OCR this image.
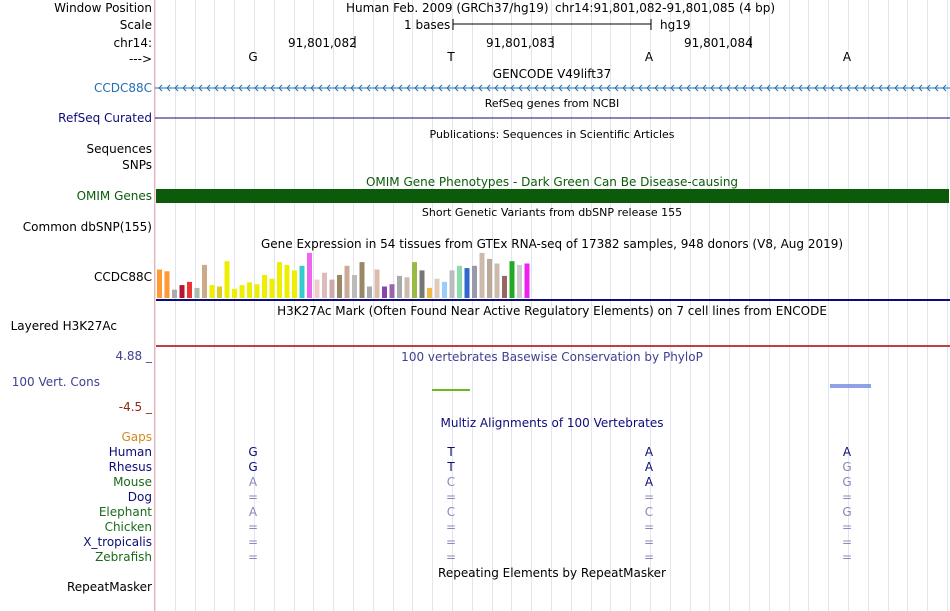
Window Position	Human Feb. 2009 (GRCh37/hg19) chr14:91,801,082-91,801,085 (4 bp)
Scale	1 bases	hg19
chr14:	91,801,082	91,801,083	91,801,084
--->	G	T	A	A
GENCODE V49lift37
CCDC88C
RefSeq genes from NCBI
RefSeq Curated
Publications: Sequences in Scientific Articles
Sequences
SNPs
OMIM Gene Phenotypes - Dark Green Can Be Disease-causing
OMIM Genes
Short Genetic Variants from dbSNP release 155
Common dbSNP(155)
Gene Expression in 54 tissues from GTEx RNA-seq of 17382 samples, 948 donors (V8, Aug 2019)
CCDC88C
H3K27Ac Mark (Often Found Near Active Regulatory Elements) on 7 cell lines from ENCODE
Layered H3K27Ac
100 vertebrates Basewise Conservation by PhyloP
4.88 _
100 Vert. Cons
-4.5 _
Multiz Alignments of 100 Vertebrates
Gaps
Human	G	T	A	A
Rhesus	G	T	A	G
Mouse	A	C	A	G
Dog	=	=	=	=
Elephant	A	C	C	G
Chicken	=	=	=	=
X_tropicalis	=	=	=	=
Zebrafish	=	=	=	=
Repeating Elements by RepeatMasker
RepeatMasker
